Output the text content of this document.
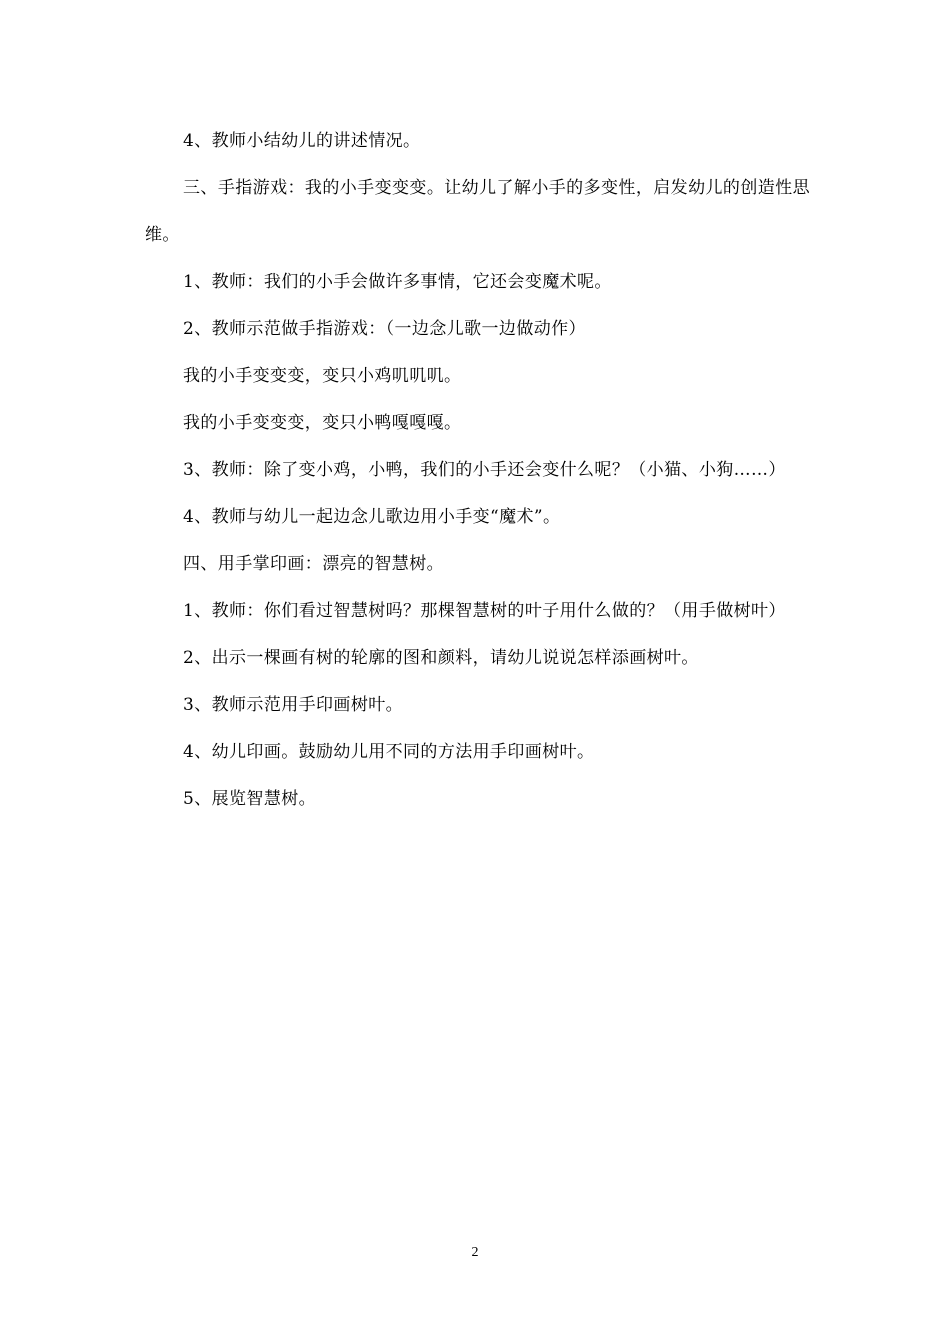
4、教师小结幼儿的讲述情况。

三、手指游戏：我的小手变变变。让幼儿了解小手的多变性，启发幼儿的创造性思维。

1、教师：我们的小手会做许多事情，它还会变魔术呢。

2、教师示范做手指游戏：（一边念儿歌一边做动作）

我的小手变变变，变只小鸡叽叽叽。

我的小手变变变，变只小鸭嘎嘎嘎。

3、教师：除了变小鸡，小鸭，我们的小手还会变什么呢？（小猫、小狗……）

4、教师与幼儿一起边念儿歌边用小手变“魔术”。

四、用手掌印画：漂亮的智慧树。

1、教师：你们看过智慧树吗？那棵智慧树的叶子用什么做的？（用手做树叶）

2、出示一棵画有树的轮廓的图和颜料，请幼儿说说怎样添画树叶。

3、教师示范用手印画树叶。

4、幼儿印画。鼓励幼儿用不同的方法用手印画树叶。

5、展览智慧树。

2
